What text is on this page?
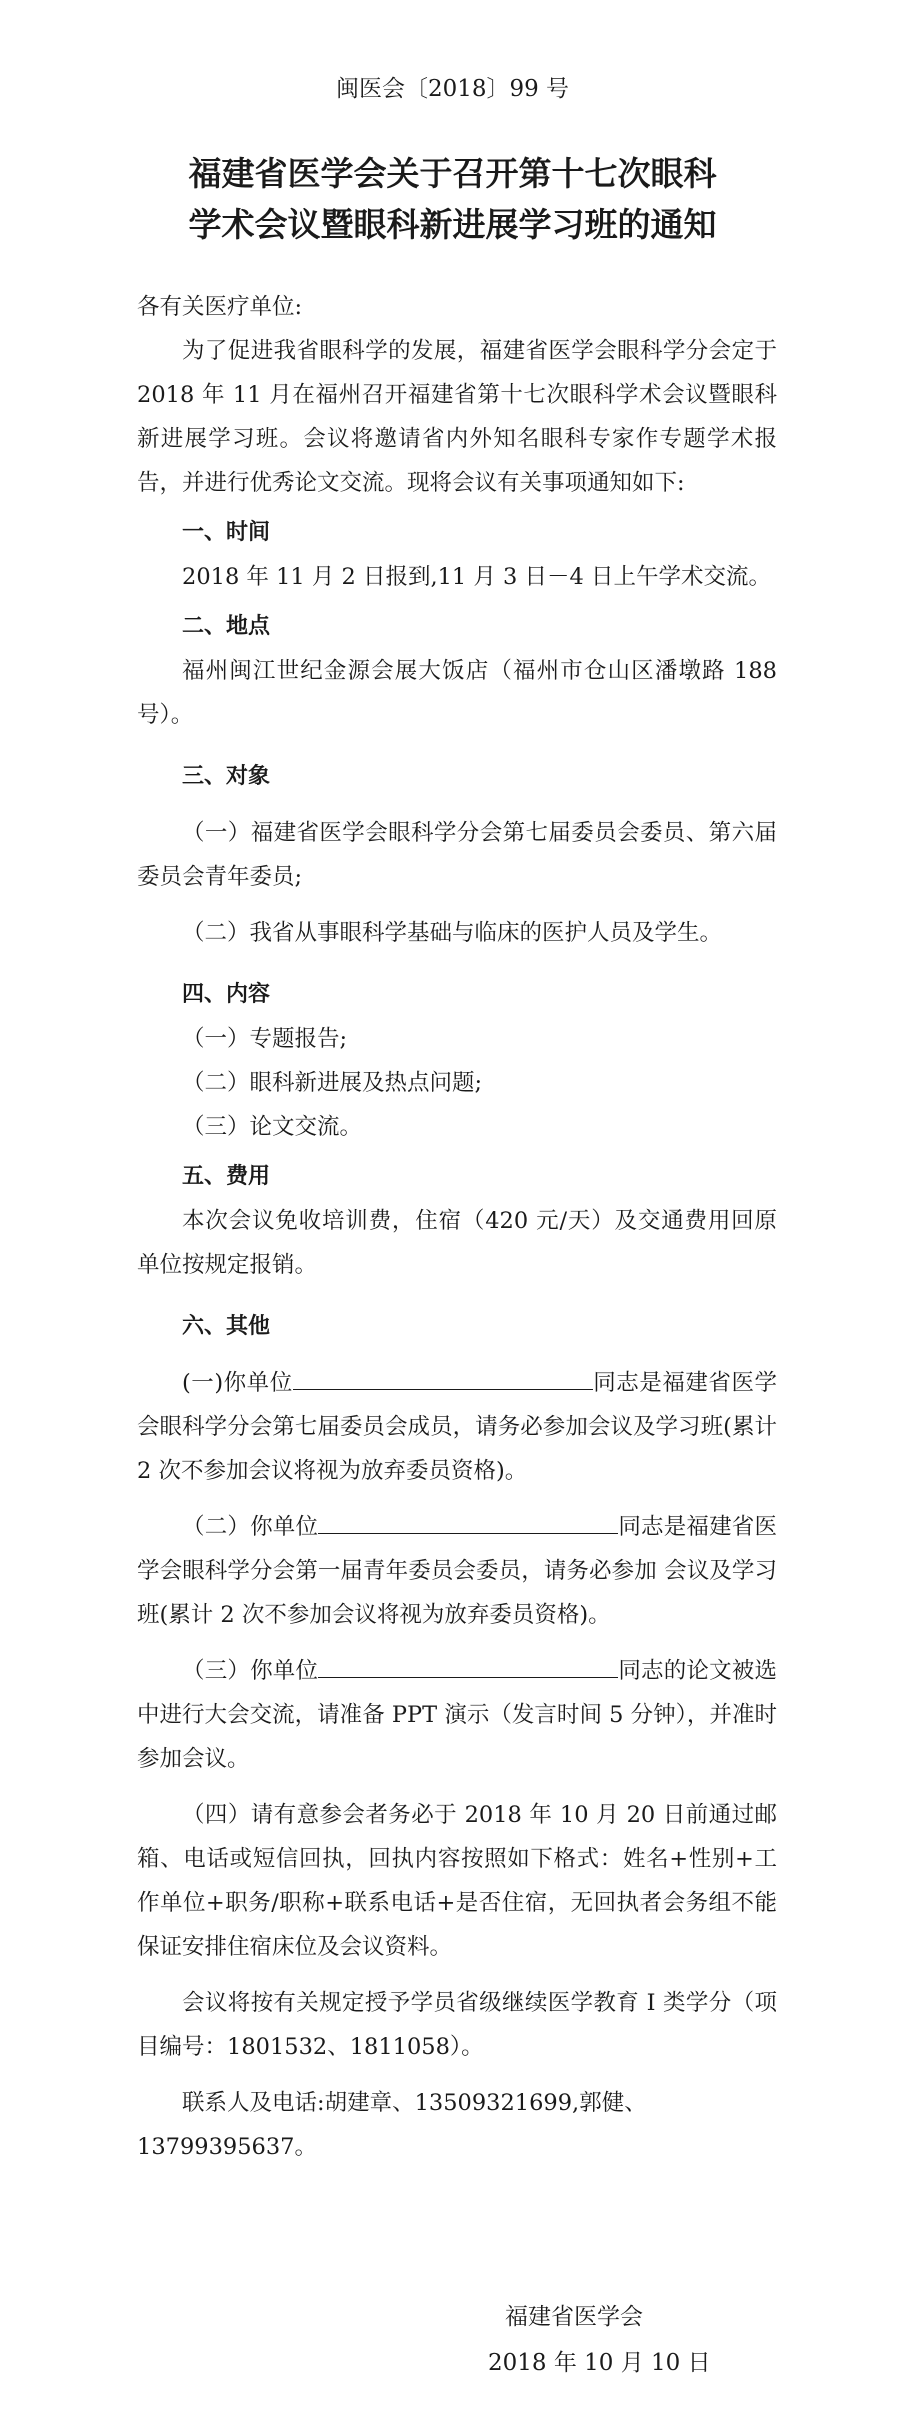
闽医会〔2018〕99 号
福建省医学会关于召开第十七次眼科
学术会议暨眼科新进展学习班的通知

各有关医疗单位:

为了促进我省眼科学的发展，福建省医学会眼科学分会定于 2018 年 11 月在福州召开福建省第十七次眼科学术会议暨眼科新进展学习班。会议将邀请省内外知名眼科专家作专题学术报告，并进行优秀论文交流。现将会议有关事项通知如下:

一、时间

2018 年 11 月 2 日报到,11 月 3 日－4 日上午学术交流。

二、地点

福州闽江世纪金源会展大饭店（福州市仓山区潘墩路 188 号）。

三、对象

（一）福建省医学会眼科学分会第七届委员会委员、第六届委员会青年委员;

（二）我省从事眼科学基础与临床的医护人员及学生。

四、内容

（一）专题报告;

（二）眼科新进展及热点问题;

（三）论文交流。

五、费用

本次会议免收培训费，住宿（420 元/天）及交通费用回原单位按规定报销。

六、其他

(一)你单位	同志是福建省医学会眼科学分会第七届委员会成员，请务必参加会议及学习班(累计 2 次不参加会议将视为放弃委员资格)。

（二）你单位	同志是福建省医学会眼科学分会第一届青年委员会委员，请务必参加 会议及学习班(累计 2 次不参加会议将视为放弃委员资格)。

（三）你单位	同志的论文被选中进行大会交流，请准备 PPT 演示（发言时间 5 分钟），并准时参加会议。

（四）请有意参会者务必于 2018 年 10 月 20 日前通过邮箱、电话或短信回执，回执内容按照如下格式：姓名+性别+工作单位+职务/职称+联系电话+是否住宿，无回执者会务组不能保证安排住宿床位及会议资料。

会议将按有关规定授予学员省级继续医学教育 I 类学分（项目编号：1801532、1811058）。

联系人及电话:胡建章、13509321699,郭健、13799395637。

福建省医学会
2018 年 10 月 10 日
